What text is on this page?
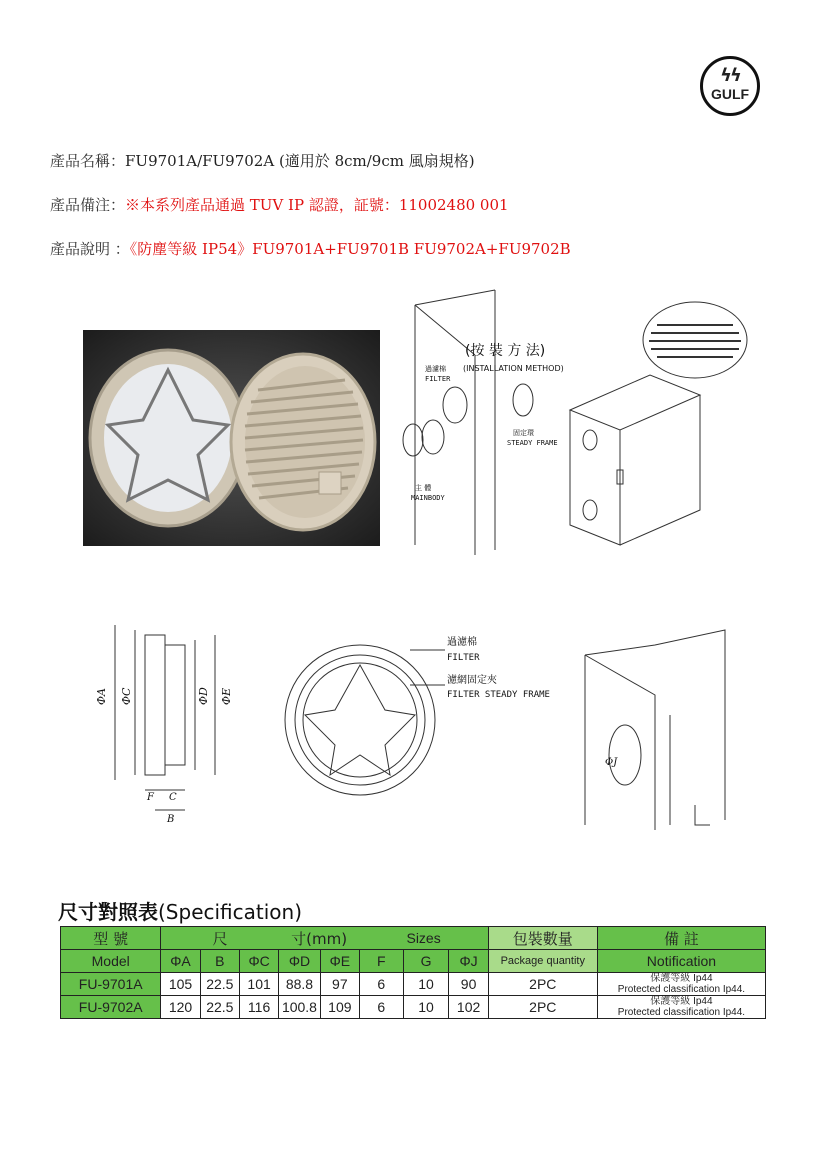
ϟϟ
GULF
產品名稱：FU9701A/FU9702A (適用於 8cm/9cm 風扇規格)
產品備注：※本系列產品通過 TUV IP 認證，証號：11002480 001
產品說明 ：《防塵等級 IP54》FU9701A+FU9701B FU9702A+FU9702B
(按 裝 方 法)
(INSTALLATION METHOD)
過濾棉
FILTER
固定環
STEADY FRAME
主 體
MAINBODY
ΦA ΦC	ΦD ΦE
F C
B
ΦJ
過濾棉
FILTER
濾網固定夾
FILTER STEADY FRAME
尺寸對照表(Specification)
型 號	尺			寸(mm)		Sizes			包裝數量	備 註
Model	ΦA	B	ΦC	ΦD	ΦE	F	G	ΦJ	Package quantity	Notification
FU-9701A	105	22.5	101	88.8	97	6	10	90	2PC	保護等級 Ip44
Protected classification Ip44.

FU-9702A	120	22.5	116	100.8	109	6	10	102	2PC	保護等級 Ip44
Protected classification Ip44.
